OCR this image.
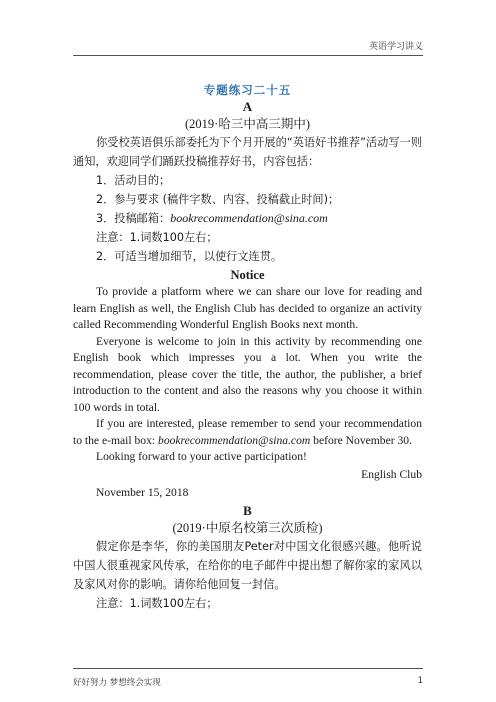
英语学习讲义

专题练习二十五

A

(2019·哈三中高三期中)

你受校英语俱乐部委托为下个月开展的“英语好书推荐”活动写一则通知，欢迎同学们踊跃投稿推荐好书，内容包括：

1．活动目的；

2．参与要求 (稿件字数、内容、投稿截止时间)；

3．投稿邮箱：bookrecommendation@sina.com

注意：1.词数100左右；

2．可适当增加细节，以使行文连贯。

Notice

To provide a platform where we can share our love for reading and learn English as well, the English Club has decided to organize an activity called Recommending Wonderful English Books next month.

Everyone is welcome to join in this activity by recommending one English book which impresses you a lot. When you write the recommendation, please cover the title, the author, the publisher, a brief introduction to the content and also the reasons why you choose it within 100 words in total.

If you are interested, please remember to send your recommendation to the e-mail box: bookrecommendation@sina.com before November 30.

Looking forward to your active participation!

English Club

November 15, 2018

B

(2019·中原名校第三次质检)

假定你是李华，你的美国朋友Peter对中国文化很感兴趣。他听说中国人很重视家风传承，在给你的电子邮件中提出想了解你家的家风以及家风对你的影响。请你给他回复一封信。

注意：1.词数100左右；

好好努力 梦想终会实现	1
